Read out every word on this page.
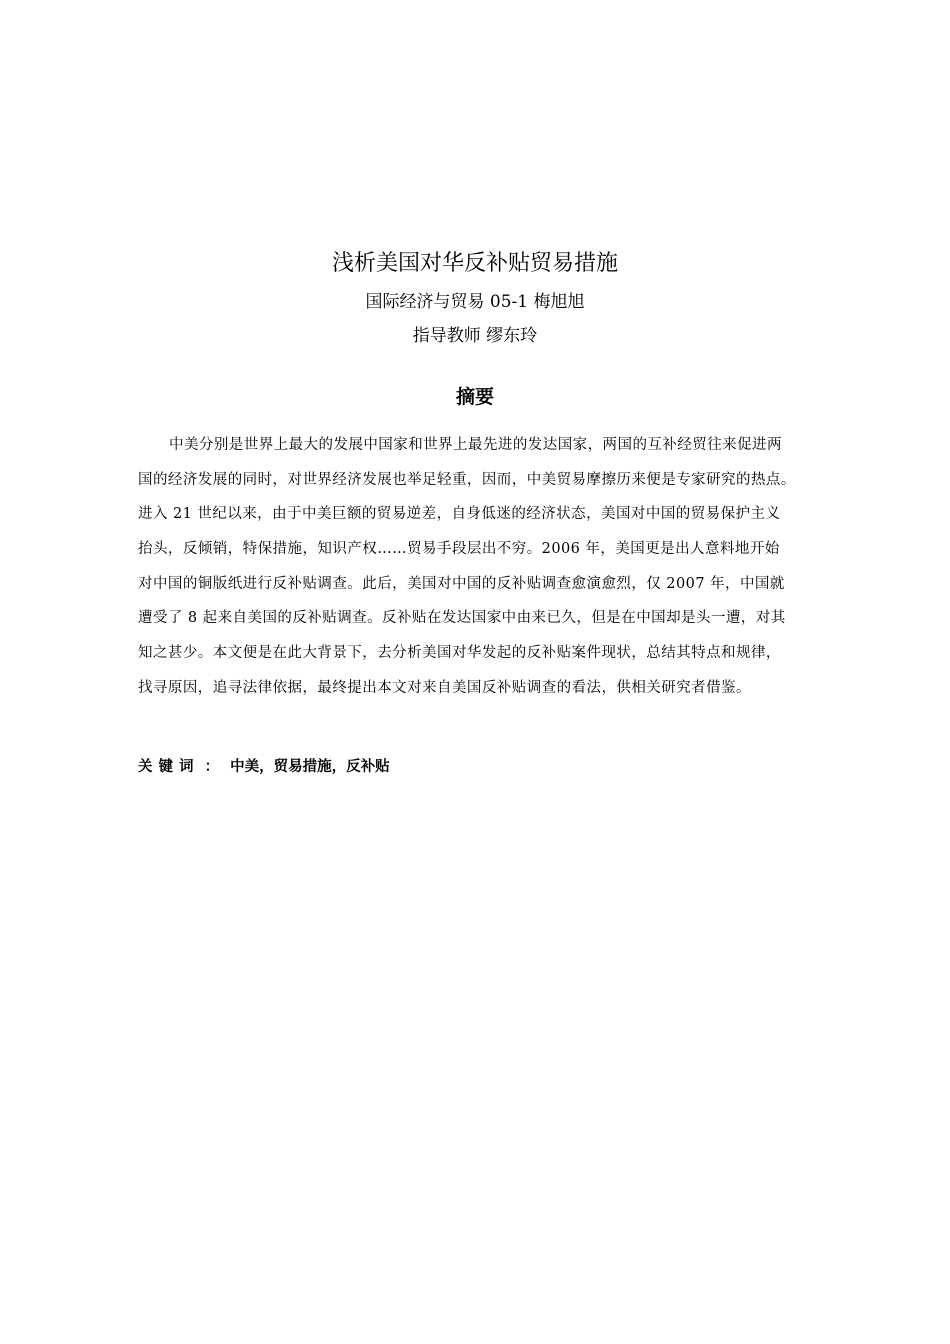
浅析美国对华反补贴贸易措施
国际经济与贸易 05-1 梅旭旭
指导教师 缪东玲
摘要
中美分别是世界上最大的发展中国家和世界上最先进的发达国家，两国的互补经贸往来促进两
国的经济发展的同时，对世界经济发展也举足轻重，因而，中美贸易摩擦历来便是专家研究的热点。
进入 21 世纪以来，由于中美巨额的贸易逆差，自身低迷的经济状态，美国对中国的贸易保护主义
抬头，反倾销，特保措施，知识产权……贸易手段层出不穷。2006 年，美国更是出人意料地开始
对中国的铜版纸进行反补贴调查。此后，美国对中国的反补贴调查愈演愈烈，仅 2007 年，中国就
遭受了 8 起来自美国的反补贴调查。反补贴在发达国家中由来已久，但是在中国却是头一遭，对其
知之甚少。本文便是在此大背景下，去分析美国对华发起的反补贴案件现状，总结其特点和规律，
找寻原因，追寻法律依据，最终提出本文对来自美国反补贴调查的看法，供相关研究者借鉴。
关键词 ： 中美，贸易措施，反补贴
